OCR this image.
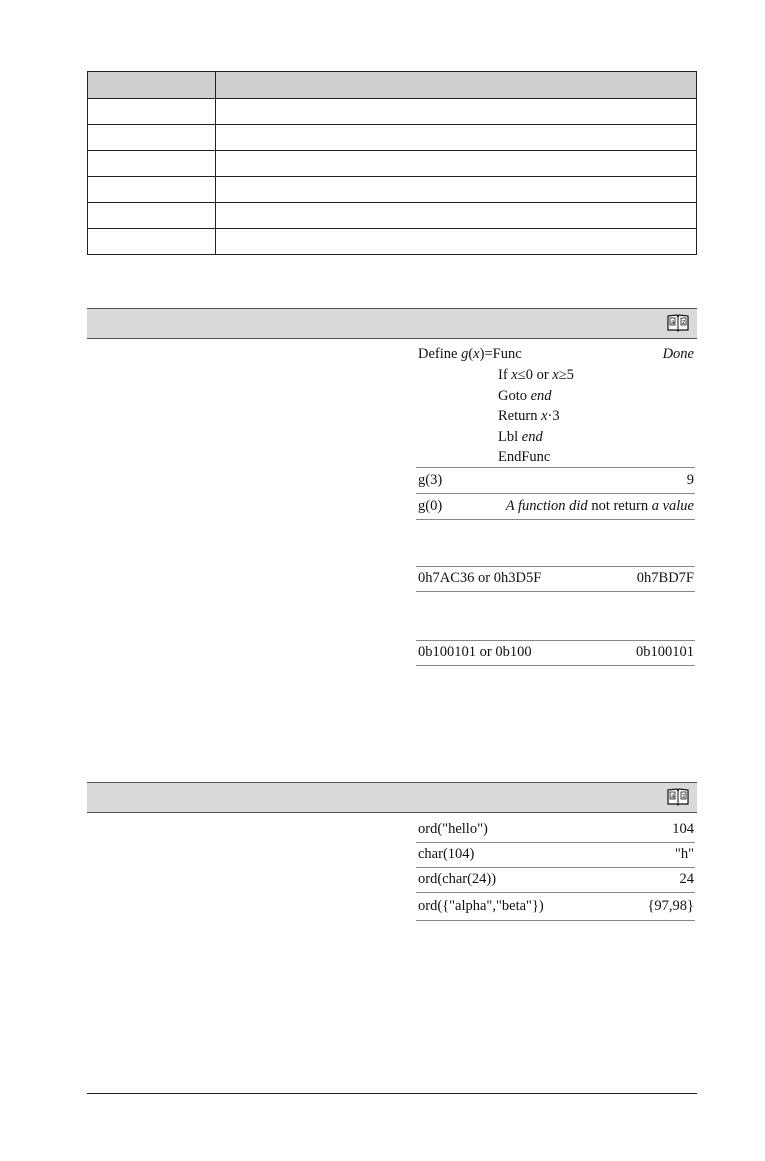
a z
Define g(x)=Func	Done
If x≤0 or x≥5
Goto end
Return x·3
Lbl end
EndFunc
g(3)	9
g(0)	A function did not return a value
0h7AC36 or 0h3D5F	0h7BD7F
0b100101 or 0b100	0b100101
a z
ord("hello")	104
char(104)	"h"
ord(char(24))	24
ord({"alpha","beta"})	{97,98}
